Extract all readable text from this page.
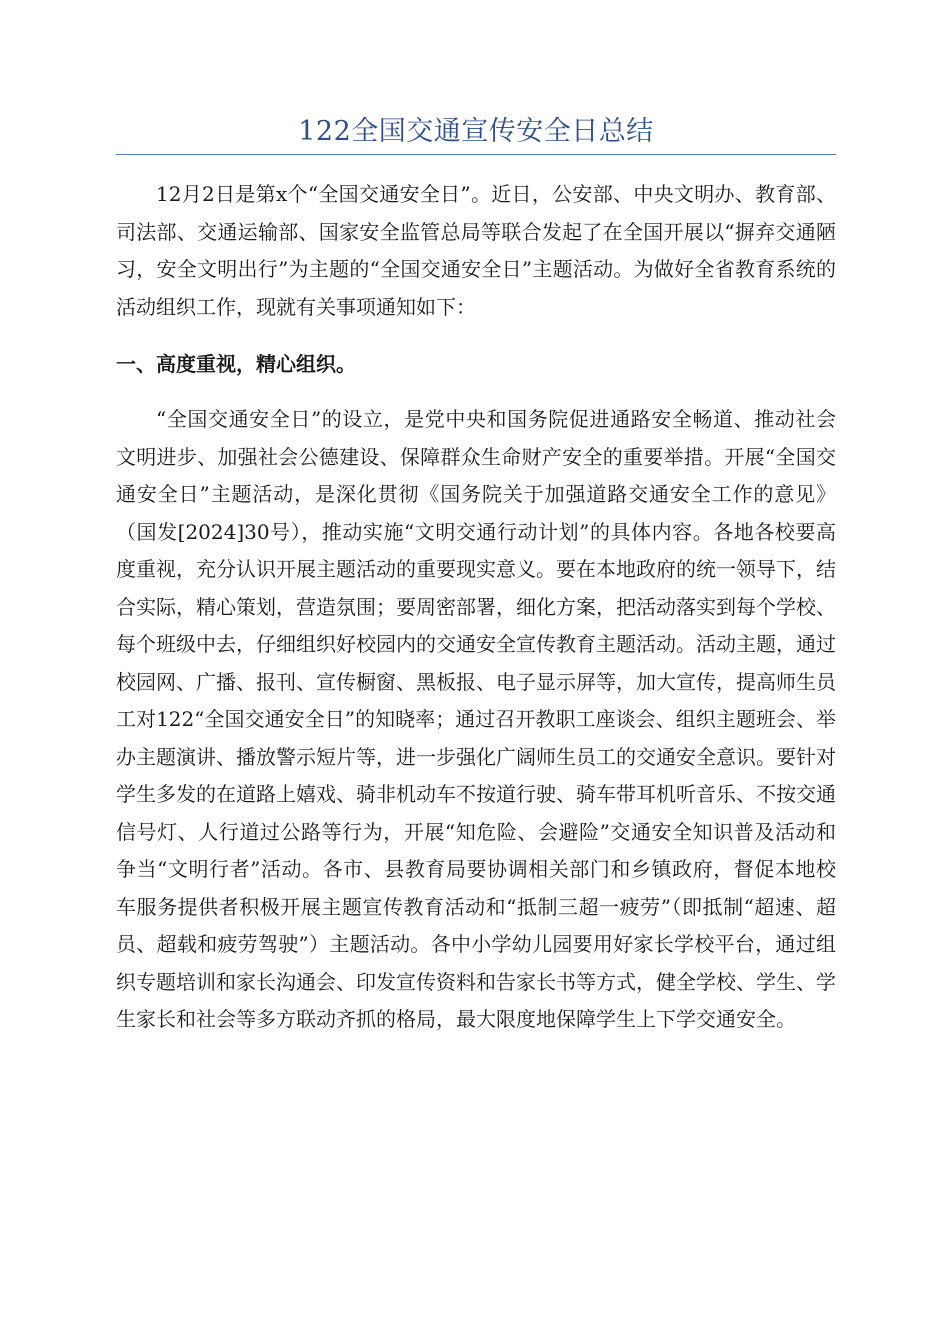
122全国交通宣传安全日总结

12月2日是第x个“全国交通安全日”。近日，公安部、中央文明办、教育部、司法部、交通运输部、国家安全监管总局等联合发起了在全国开展以“摒弃交通陋习，安全文明出行”为主题的“全国交通安全日”主题活动。为做好全省教育系统的活动组织工作，现就有关事项通知如下：

一、高度重视，精心组织。

“全国交通安全日”的设立，是党中央和国务院促进通路安全畅道、推动社会文明进步、加强社会公德建设、保障群众生命财产安全的重要举措。开展“全国交通安全日”主题活动，是深化贯彻《国务院关于加强道路交通安全工作的意见》（国发[2024]30号），推动实施“文明交通行动计划”的具体内容。各地各校要高度重视，充分认识开展主题活动的重要现实意义。要在本地政府的统一领导下，结合实际，精心策划，营造氛围；要周密部署，细化方案，把活动落实到每个学校、每个班级中去，仔细组织好校园内的交通安全宣传教育主题活动。活动主题，通过校园网、广播、报刊、宣传橱窗、黑板报、电子显示屏等，加大宣传，提高师生员工对122“全国交通安全日”的知晓率；通过召开教职工座谈会、组织主题班会、举办主题演讲、播放警示短片等，进一步强化广阔师生员工的交通安全意识。要针对学生多发的在道路上嬉戏、骑非机动车不按道行驶、骑车带耳机听音乐、不按交通信号灯、人行道过公路等行为，开展“知危险、会避险”交通安全知识普及活动和争当“文明行者”活动。各市、县教育局要协调相关部门和乡镇政府，督促本地校车服务提供者积极开展主题宣传教育活动和“抵制三超一疲劳”（即抵制“超速、超员、超载和疲劳驾驶”）主题活动。各中小学幼儿园要用好家长学校平台，通过组织专题培训和家长沟通会、印发宣传资料和告家长书等方式，健全学校、学生、学生家长和社会等多方联动齐抓的格局，最大限度地保障学生上下学交通安全。
